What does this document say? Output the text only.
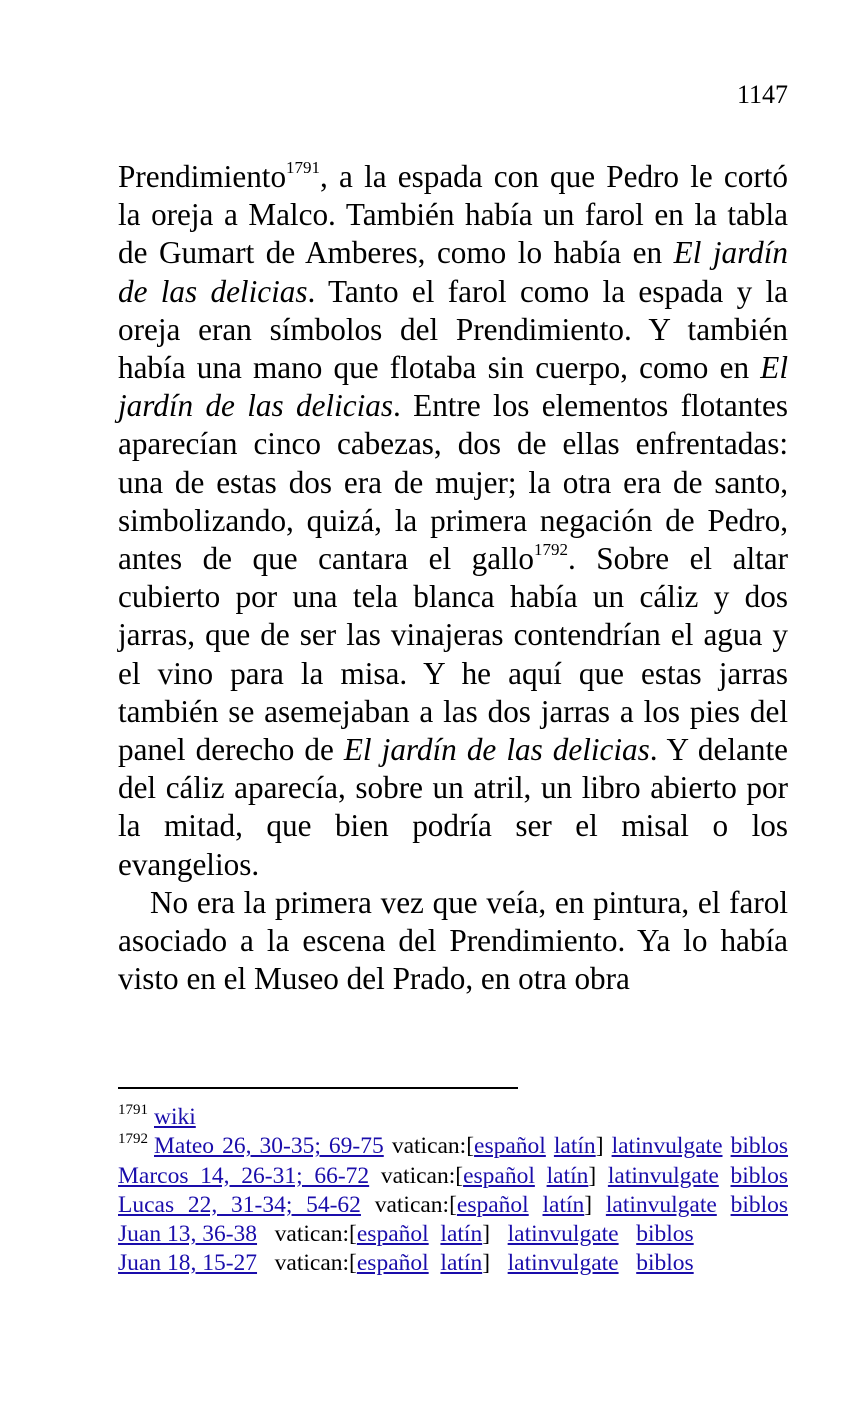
1147

Prendimiento$^{1791}$, a la espada con que Pedro le cortó la oreja a Malco. También había un farol en la tabla de Gumart de Amberes, como lo había en El jardín de las delicias. Tanto el farol como la espada y la oreja eran símbolos del Prendimiento. Y también había una mano que flotaba sin cuerpo, como en El jardín de las delicias. Entre los elementos flotantes aparecían cinco cabezas, dos de ellas enfrentadas: una de estas dos era de mujer; la otra era de santo, simbolizando, quizá, la primera negación de Pedro, antes de que cantara el gallo$^{1792}$. Sobre el altar cubierto por una tela blanca había un cáliz y dos jarras, que de ser las vinajeras contendrían el agua y el vino para la misa. Y he aquí que estas jarras también se asemejaban a las dos jarras a los pies del panel derecho de El jardín de las delicias. Y delante del cáliz aparecía, sobre un atril, un libro abierto por la mitad, que bien podría ser el misal o los evangelios.

No era la primera vez que veía, en pintura, el farol asociado a la escena del Prendimiento. Ya lo había visto en el Museo del Prado, en otra obra

$^{1791}$ wiki
$^{1792}$ Mateo 26, 30-35; 69-75 vatican:[español latín] latinvulgate biblos
Marcos 14, 26-31; 66-72 vatican:[español latín] latinvulgate biblos
Lucas 22, 31-34; 54-62 vatican:[español latín] latinvulgate biblos
Juan 13, 36-38 vatican:[español latín] latinvulgate biblos
Juan 18, 15-27 vatican:[español latín] latinvulgate biblos
